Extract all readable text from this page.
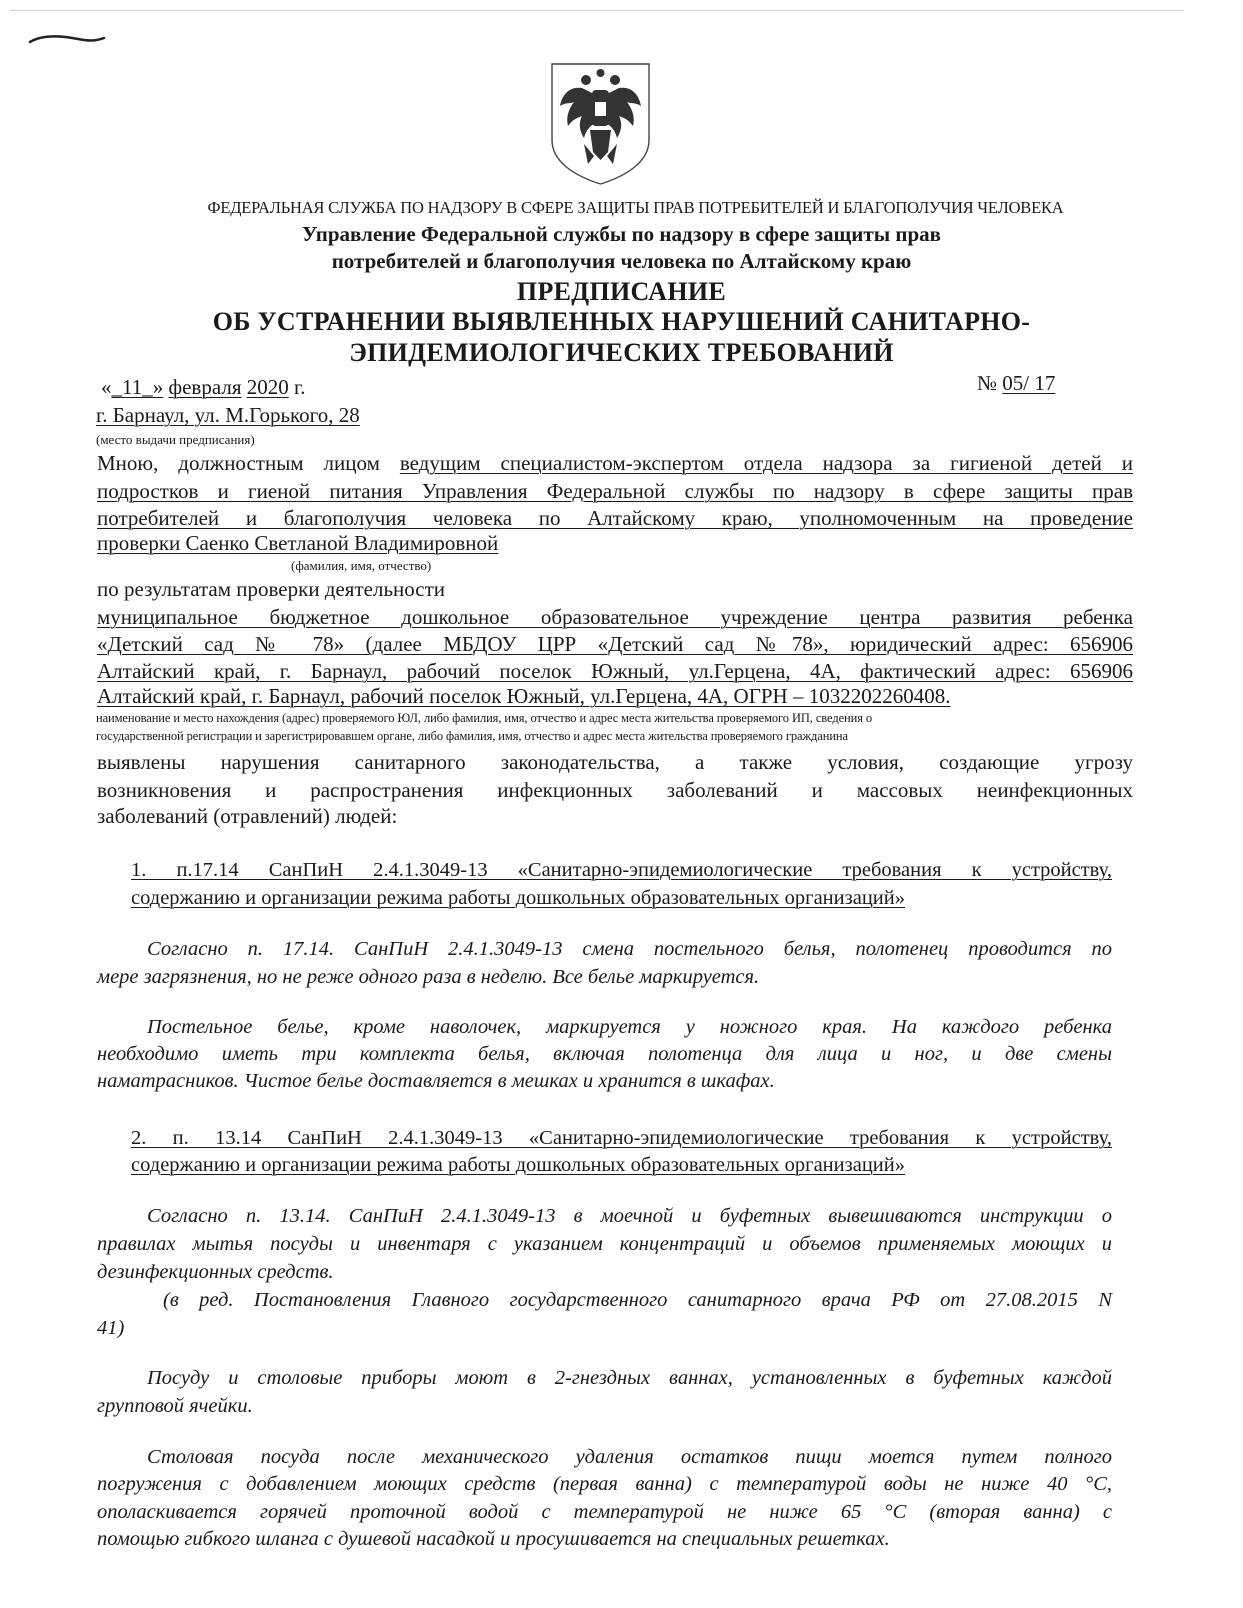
ФЕДЕРАЛЬНАЯ СЛУЖБА ПО НАДЗОРУ В СФЕРЕ ЗАЩИТЫ ПРАВ ПОТРЕБИТЕЛЕЙ И БЛАГОПОЛУЧИЯ ЧЕЛОВЕКА
Управление Федеральной службы по надзору в сфере защиты прав
потребителей и благополучия человека по Алтайскому краю
ПРЕДПИСАНИЕ
ОБ УСТРАНЕНИИ ВЫЯВЛЕННЫХ НАРУШЕНИЙ САНИТАРНО-
ЭПИДЕМИОЛОГИЧЕСКИХ ТРЕБОВАНИЙ
«_11_» февраля 2020 г.	№ 05/ 17
г. Барнаул, ул. М.Горького, 28
(место выдачи предписания)
Мною, должностным лицом ведущим специалистом-экспертом отдела надзора за гигиеной детей и
подростков и гиеной питания Управления Федеральной службы по надзору в сфере защиты прав
потребителей и благополучия человека по Алтайскому краю, уполномоченным на проведение
проверки Саенко Светланой Владимировной
(фамилия, имя, отчество)
по результатам проверки деятельности
муниципальное бюджетное дошкольное образовательное учреждение центра развития ребенка
«Детский сад № 78» (далее МБДОУ ЦРР «Детский сад №78», юридический адрес: 656906
Алтайский край, г. Барнаул, рабочий поселок Южный, ул.Герцена, 4А, фактический адрес: 656906
Алтайский край, г. Барнаул, рабочий поселок Южный, ул.Герцена, 4А, ОГРН – 1032202260408.
наименование и место нахождения (адрес) проверяемого ЮЛ, либо фамилия, имя, отчество и адрес места жительства проверяемого ИП, сведения о
государственной регистрации и зарегистрировавшем органе, либо фамилия, имя, отчество и адрес места жительства проверяемого гражданина
выявлены нарушения санитарного законодательства, а также условия, создающие угрозу
возникновения и распространения инфекционных заболеваний и массовых неинфекционных
заболеваний (отравлений) людей:
1. п.17.14 СанПиН 2.4.1.3049-13 «Санитарно-эпидемиологические требования к устройству,
содержанию и организации режима работы дошкольных образовательных организаций»
Согласно п. 17.14. СанПиН 2.4.1.3049-13 смена постельного белья, полотенец проводится по
мере загрязнения, но не реже одного раза в неделю. Все белье маркируется.
Постельное белье, кроме наволочек, маркируется у ножного края. На каждого ребенка
необходимо иметь три комплекта белья, включая полотенца для лица и ног, и две смены
наматрасников. Чистое белье доставляется в мешках и хранится в шкафах.
2. п. 13.14 СанПиН 2.4.1.3049-13 «Санитарно-эпидемиологические требования к устройству,
содержанию и организации режима работы дошкольных образовательных организаций»
Согласно п. 13.14. СанПиН 2.4.1.3049-13 в моечной и буфетных вывешиваются инструкции о
правилах мытья посуды и инвентаря с указанием концентраций и объемов применяемых моющих и
дезинфекционных средств.
(в ред. Постановления Главного государственного санитарного врача РФ от 27.08.2015 N
41)
Посуду и столовые приборы моют в 2-гнездных ваннах, установленных в буфетных каждой
групповой ячейки.
Столовая посуда после механического удаления остатков пищи моется путем полного
погружения с добавлением моющих средств (первая ванна) с температурой воды не ниже 40 °С,
ополаскивается горячей проточной водой с температурой не ниже 65 °С (вторая ванна) с
помощью гибкого шланга с душевой насадкой и просушивается на специальных решетках.
